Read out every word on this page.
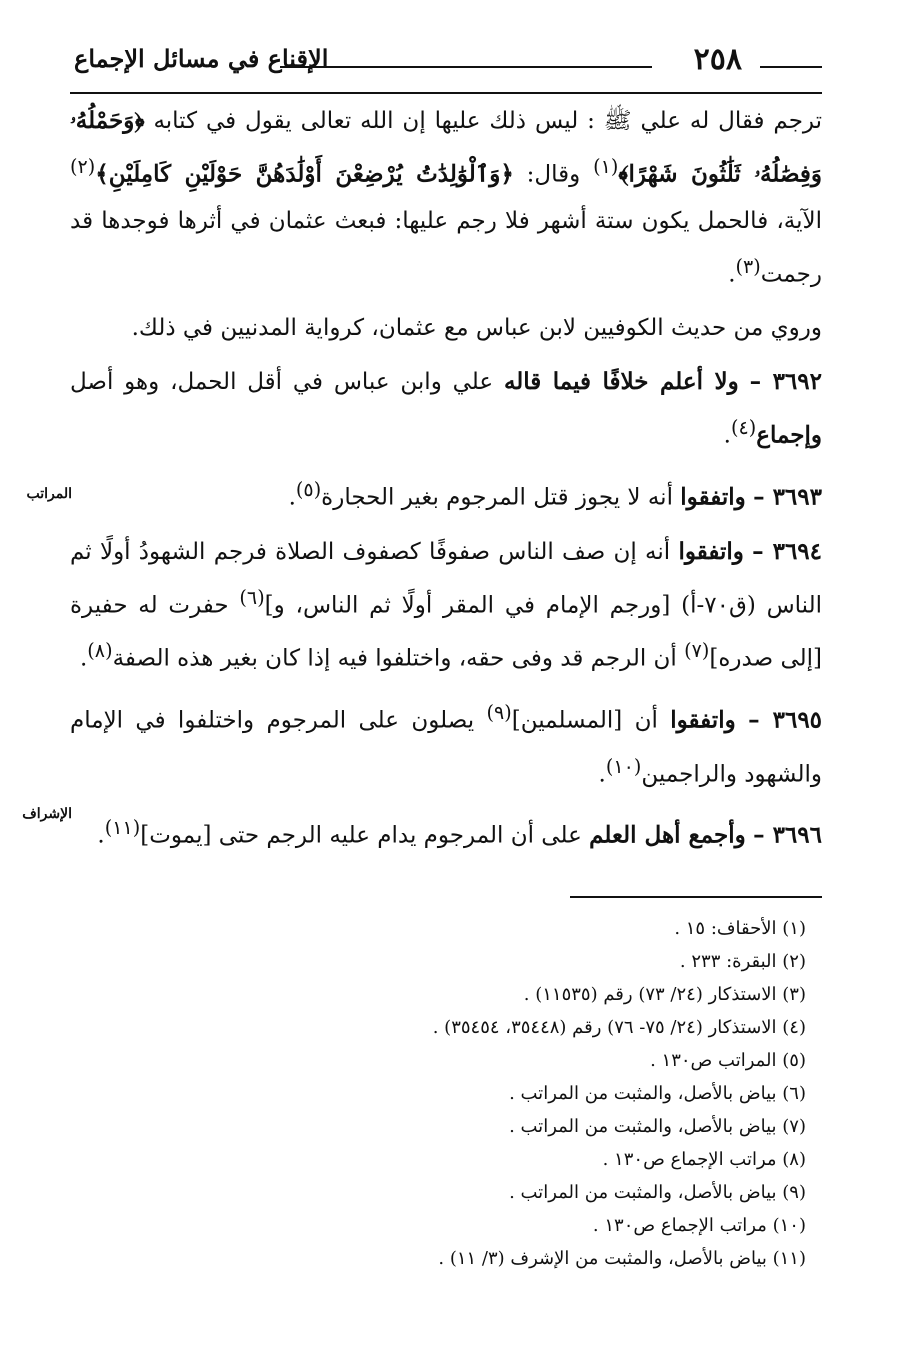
٢٥٨
الإقناع في مسائل الإجماع
المراتب
الإشراف

ترجم فقال له علي ﷺ : ليس ذلك عليها إن الله تعالى يقول في كتابه ﴿وَحَمْلُهُۥ وَفِصَٰلُهُۥ ثَلَٰثُونَ شَهْرًا﴾$^{(١)}$ وقال: ﴿وَٱلْوَٰلِدَٰتُ يُرْضِعْنَ أَوْلَٰدَهُنَّ حَوْلَيْنِ كَامِلَيْنِ﴾$^{(٢)}$ الآية، فالحمل يكون ستة أشهر فلا رجم عليها: فبعث عثمان في أثرها فوجدها قد رجمت$^{(٣)}$.

وروي من حديث الكوفيين لابن عباس مع عثمان، كرواية المدنيين في ذلك.

٣٦٩٢ – ولا أعلم خلافًا فيما قاله علي وابن عباس في أقل الحمل، وهو أصل وإجماع$^{(٤)}$.

٣٦٩٣ – واتفقوا أنه لا يجوز قتل المرجوم بغير الحجارة$^{(٥)}$.

٣٦٩٤ – واتفقوا أنه إن صف الناس صفوفًا كصفوف الصلاة فرجم الشهودُ أولًا ثم الناس (ق٧٠-أ) [ورجم الإمام في المقر أولًا ثم الناس، و]$^{(٦)}$ حفرت له حفيرة [إلى صدره]$^{(٧)}$ أن الرجم قد وفى حقه، واختلفوا فيه إذا كان بغير هذه الصفة$^{(٨)}$.

٣٦٩٥ – واتفقوا أن [المسلمين]$^{(٩)}$ يصلون على المرجوم واختلفوا في الإمام والشهود والراجمين$^{(١٠)}$.

٣٦٩٦ – وأجمع أهل العلم على أن المرجوم يدام عليه الرجم حتى [يموت]$^{(١١)}$.

(١) الأحقاف: ١٥ .
(٢) البقرة: ٢٣٣ .
(٣) الاستذكار (٢٤/ ٧٣) رقم (١١٥٣٥) .
(٤) الاستذكار (٢٤/ ٧٥- ٧٦) رقم (٣٥٤٤٨، ٣٥٤٥٤) .
(٥) المراتب ص١٣٠ .
(٦) بياض بالأصل، والمثبت من المراتب .
(٧) بياض بالأصل، والمثبت من المراتب .
(٨) مراتب الإجماع ص١٣٠ .
(٩) بياض بالأصل، والمثبت من المراتب .
(١٠) مراتب الإجماع ص١٣٠ .
(١١) بياض بالأصل، والمثبت من الإشرف (٣/ ١١) .
